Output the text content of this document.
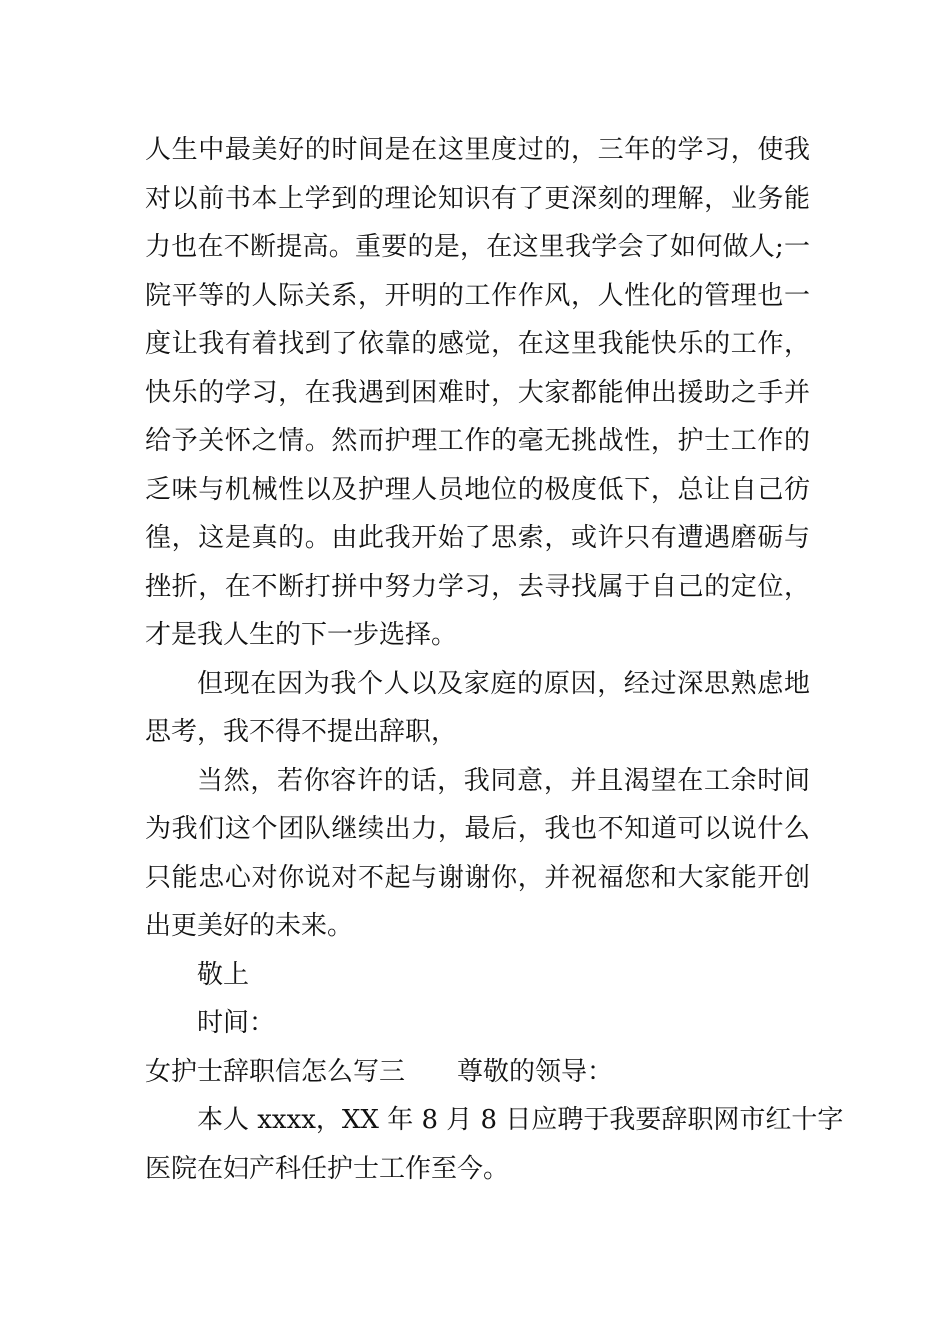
人生中最美好的时间是在这里度过的，三年的学习，使我
对以前书本上学到的理论知识有了更深刻的理解，业务能
力也在不断提高。重要的是，在这里我学会了如何做人;一
院平等的人际关系，开明的工作作风，人性化的管理也一
度让我有着找到了依靠的感觉，在这里我能快乐的工作，
快乐的学习，在我遇到困难时，大家都能伸出援助之手并
给予关怀之情。然而护理工作的毫无挑战性，护士工作的
乏味与机械性以及护理人员地位的极度低下，总让自己彷
徨，这是真的。由此我开始了思索，或许只有遭遇磨砺与
挫折，在不断打拼中努力学习，去寻找属于自己的定位，
才是我人生的下一步选择。
但现在因为我个人以及家庭的原因，经过深思熟虑地
思考，我不得不提出辞职，
当然，若你容许的话，我同意，并且渴望在工余时间
为我们这个团队继续出力，最后，我也不知道可以说什么
只能忠心对你说对不起与谢谢你，并祝福您和大家能开创
出更美好的未来。
敬上
时间：
女护士辞职信怎么写三 尊敬的领导：
本人 xxxx，XX 年 8 月 8 日应聘于我要辞职网市红十字
医院在妇产科任护士工作至今。
